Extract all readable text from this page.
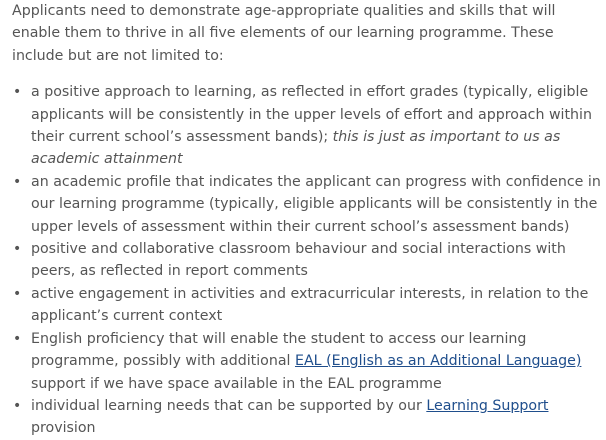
Applicants need to demonstrate age-appropriate qualities and skills that will enable them to thrive in all five elements of our learning programme. These include but are not limited to:

• a positive approach to learning, as reflected in effort grades (typically, eligible applicants will be consistently in the upper levels of effort and approach within their current school’s assessment bands); this is just as important to us as academic attainment
• an academic profile that indicates the applicant can progress with confidence in our learning programme (typically, eligible applicants will be consistently in the upper levels of assessment within their current school’s assessment bands)
• positive and collaborative classroom behaviour and social interactions with peers, as reflected in report comments
• active engagement in activities and extracurricular interests, in relation to the applicant’s current context
• English proficiency that will enable the student to access our learning programme, possibly with additional EAL (English as an Additional Language) support if we have space available in the EAL programme
• individual learning needs that can be supported by our Learning Support provision
